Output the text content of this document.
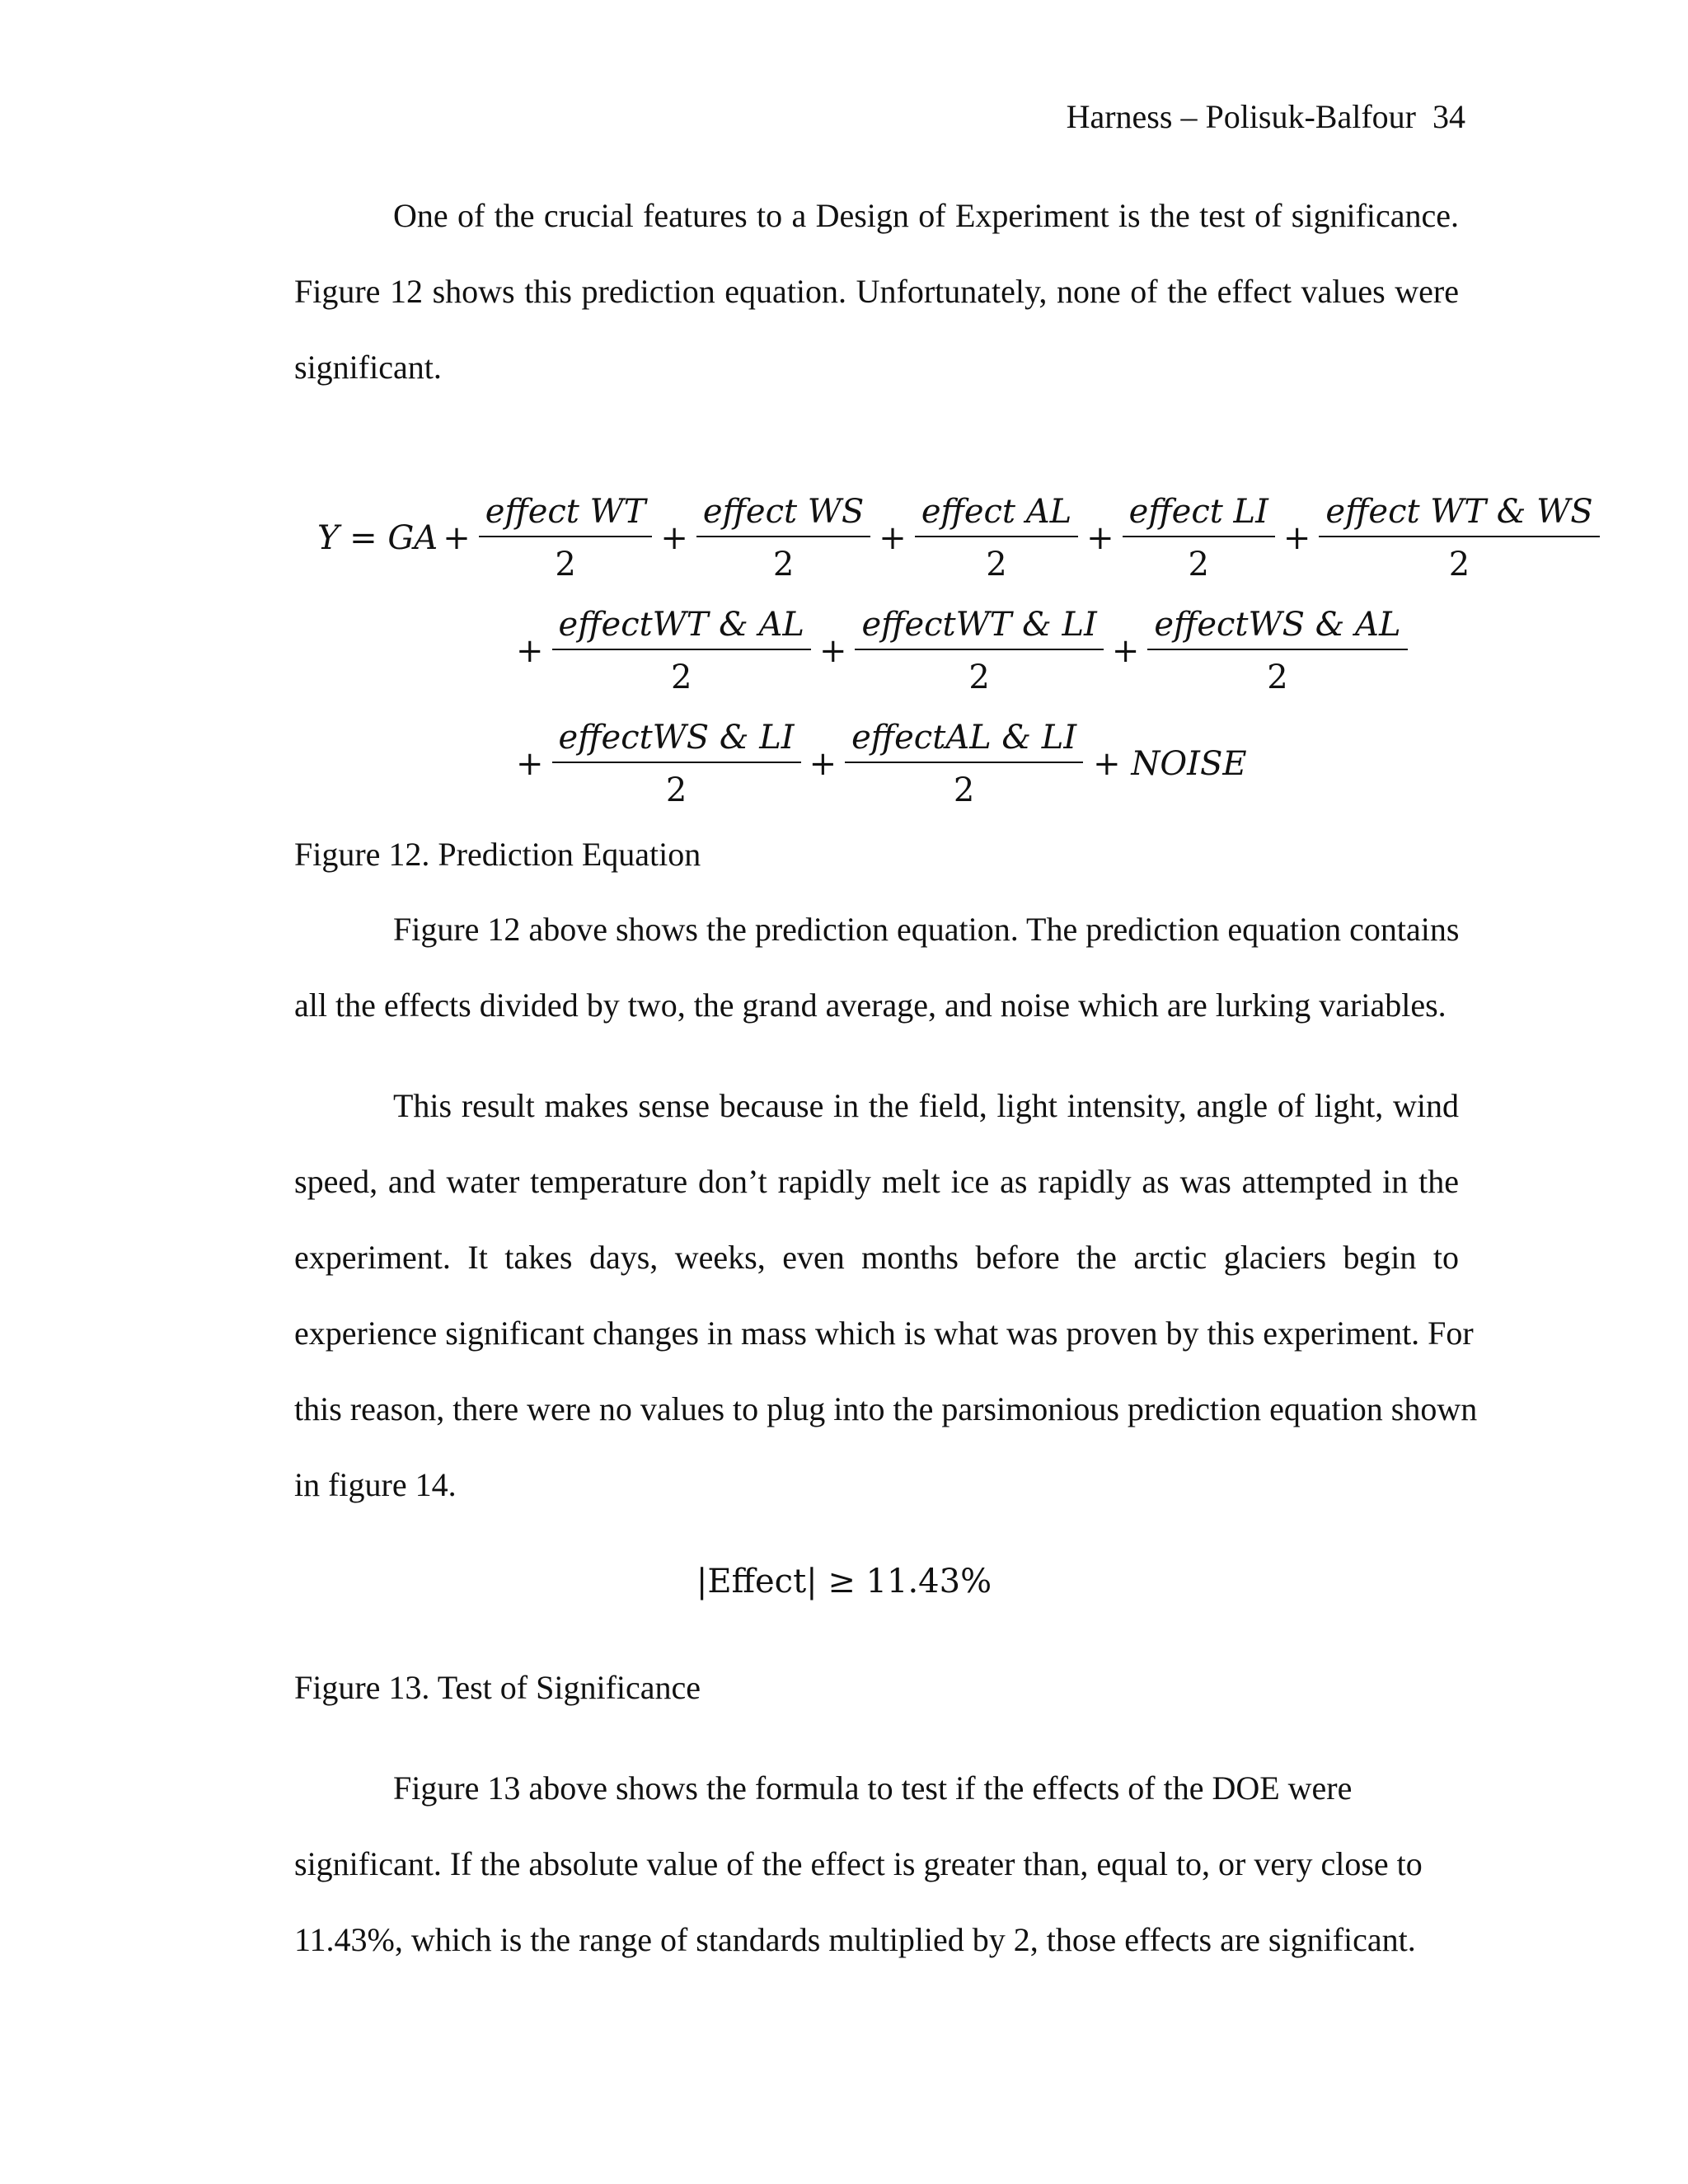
Harness – Polisuk-Balfour 34
One of the crucial features to a Design of Experiment is the test of significance.
Figure 12 shows this prediction equation. Unfortunately, none of the effect values were
significant.
Y = GA + $\frac{\text{effect WT}}{2} + \frac{\text{effect WS}}{2} + \frac{\text{effect AL}}{2} + \frac{\text{effect LI}}{2} + \frac{\text{effect WT \& WS}}{2}$
+ $\frac{\text{effectWT \& AL}}{2} + \frac{\text{effectWT \& LI}}{2} + \frac{\text{effectWS \& AL}}{2}$
+ $\frac{\text{effectWS \& LI}}{2} + \frac{\text{effectAL \& LI}}{2}$ + NOISE
Figure 12. Prediction Equation
Figure 12 above shows the prediction equation. The prediction equation contains
all the effects divided by two, the grand average, and noise which are lurking variables.
This result makes sense because in the field, light intensity, angle of light, wind
speed, and water temperature don’t rapidly melt ice as rapidly as was attempted in the
experiment. It takes days, weeks, even months before the arctic glaciers begin to
experience significant changes in mass which is what was proven by this experiment. For
this reason, there were no values to plug into the parsimonious prediction equation shown
in figure 14.
|Effect| ≥ 11.43%
Figure 13. Test of Significance
Figure 13 above shows the formula to test if the effects of the DOE were
significant. If the absolute value of the effect is greater than, equal to, or very close to
11.43%, which is the range of standards multiplied by 2, those effects are significant.
